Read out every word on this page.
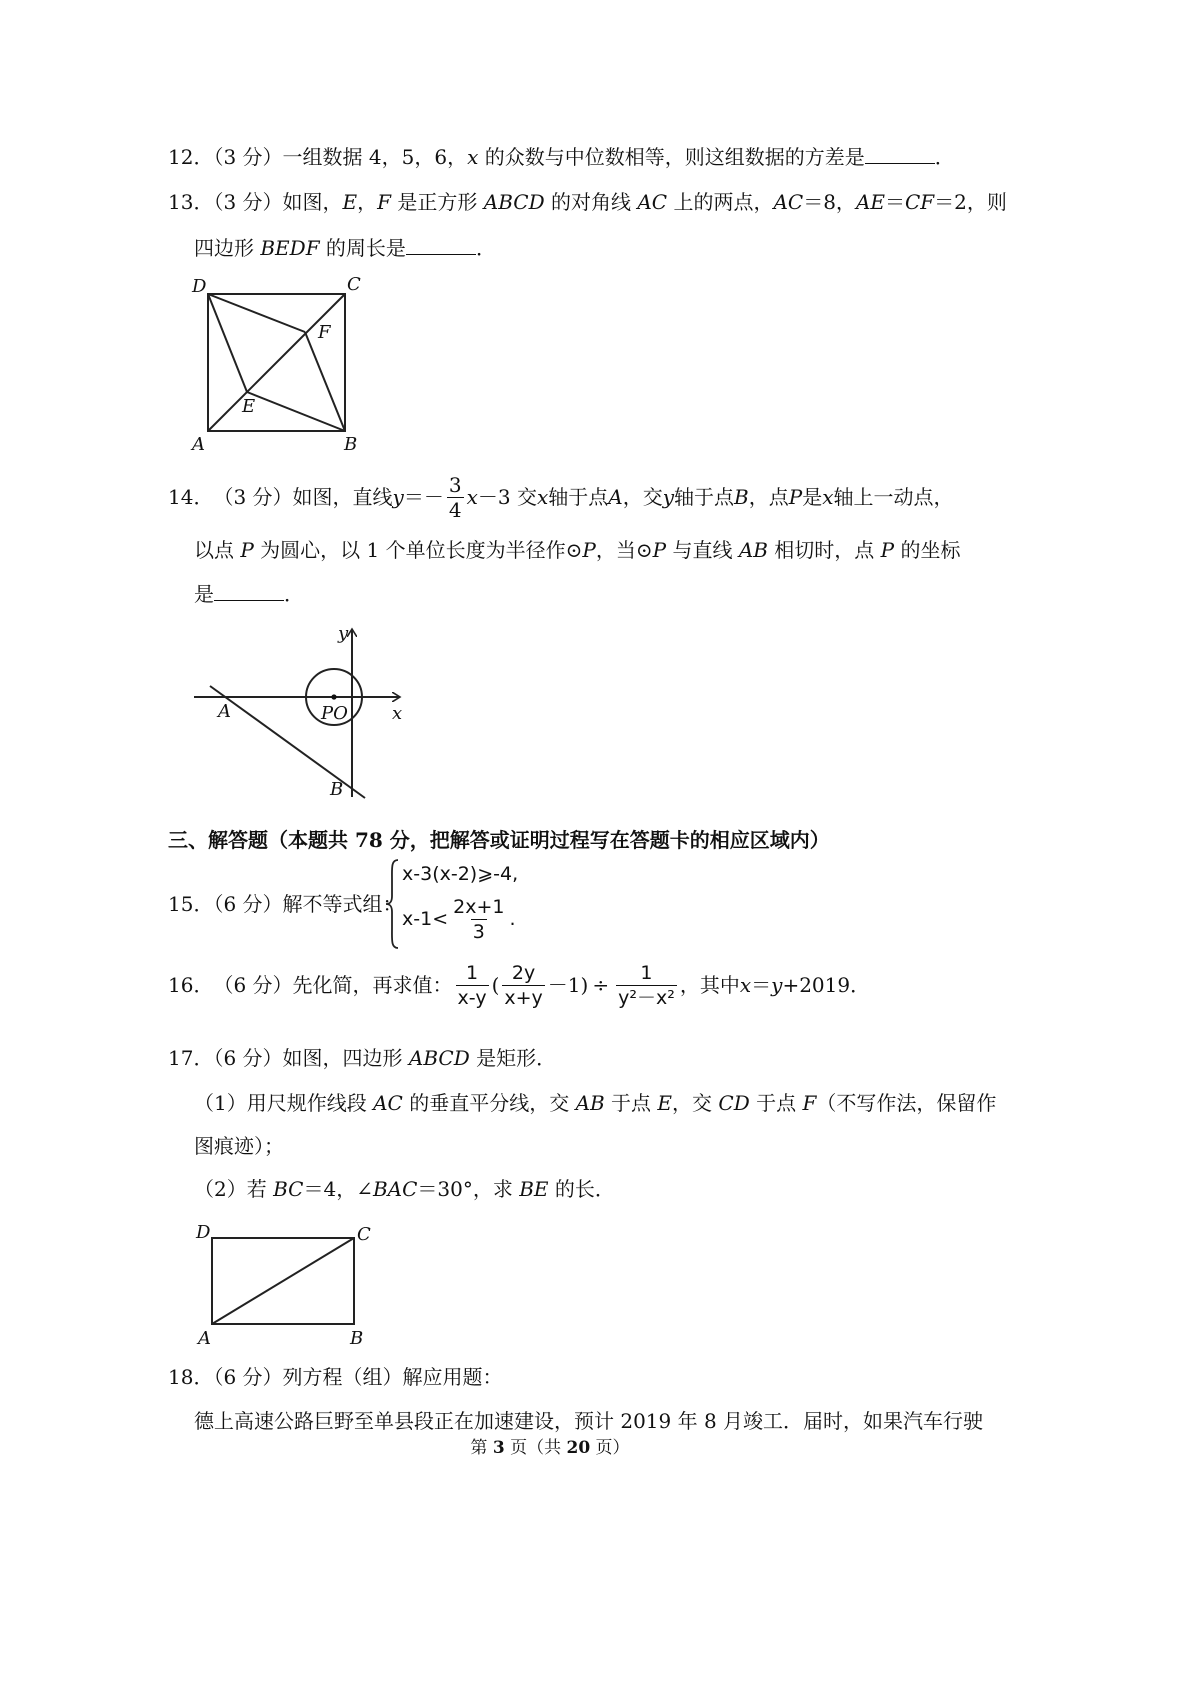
12．（3 分）一组数据 4，5，6，x 的众数与中位数相等，则这组数据的方差是	．
13．（3 分）如图，E，F 是正方形 ABCD 的对角线 AC 上的两点，AC＝8，AE＝CF＝2，则
四边形 BEDF 的周长是	．
D	C
F
E
A	B
14． （3 分） 如图，直线 $y =- \frac{3}{4}$ x －3 交 x 轴于点 A ，交 y 轴于点 B ，点 P 是 x 轴上一动点，
以点 P 为圆心，以 1 个单位长度为半径作⊙P，当⊙P 与直线 AB 相切时，点 P 的坐标
是	．
y
x
A	PO
B
三、解答题（本题共 78 分，把解答或证明过程写在答题卡的相应区域内）
15．（6 分）解不等式组：
x-3(x-2)⩾-4,
$x-1< \frac{2x+1}{3}$ .
16． （6 分） 先化简，再求值： $\frac{1}{x-y}$ ( $\frac{2y}{x+y} -1$ ) ÷ $\frac{1}{\text{y²－x²}}$ ，其中 x ＝ y +2019．
17．（6 分）如图，四边形 ABCD 是矩形．
（1）用尺规作线段 AC 的垂直平分线，交 AB 于点 E，交 CD 于点 F（不写作法，保留作
图痕迹）；
（2）若 BC＝4，∠BAC＝30°，求 BE 的长．
D	C
A	B
18．（6 分）列方程（组）解应用题：
德上高速公路巨野至单县段正在加速建设，预计 2019 年 8 月竣工．届时，如果汽车行驶
第 3 页（共 20 页）
